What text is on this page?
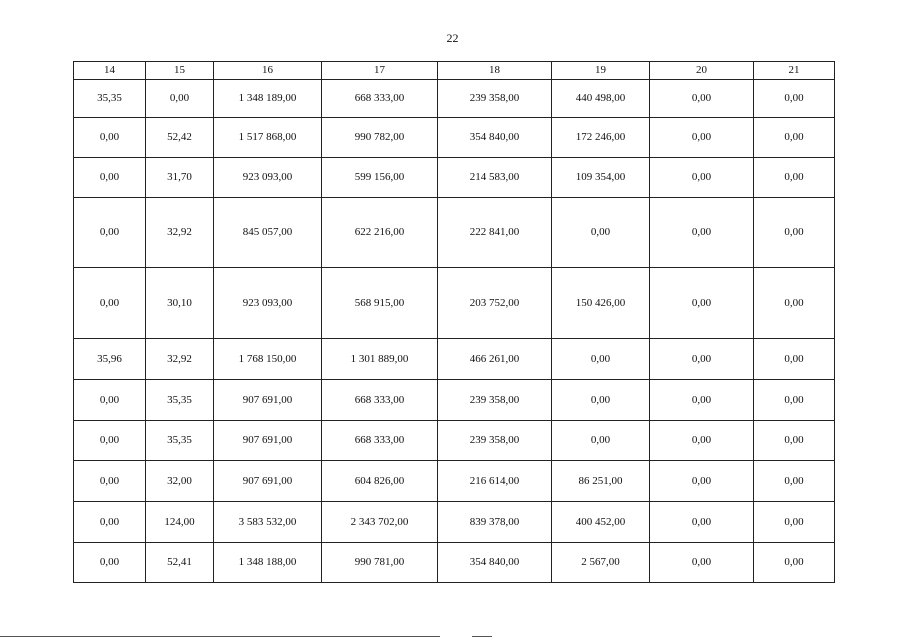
22
14	15	16	17	18	19	20	21
35,35	0,00	1 348 189,00	668 333,00	239 358,00	440 498,00	0,00	0,00
0,00	52,42	1 517 868,00	990 782,00	354 840,00	172 246,00	0,00	0,00
0,00	31,70	923 093,00	599 156,00	214 583,00	109 354,00	0,00	0,00
0,00	32,92	845 057,00	622 216,00	222 841,00	0,00	0,00	0,00
0,00	30,10	923 093,00	568 915,00	203 752,00	150 426,00	0,00	0,00
35,96	32,92	1 768 150,00	1 301 889,00	466 261,00	0,00	0,00	0,00
0,00	35,35	907 691,00	668 333,00	239 358,00	0,00	0,00	0,00
0,00	35,35	907 691,00	668 333,00	239 358,00	0,00	0,00	0,00
0,00	32,00	907 691,00	604 826,00	216 614,00	86 251,00	0,00	0,00
0,00	124,00	3 583 532,00	2 343 702,00	839 378,00	400 452,00	0,00	0,00
0,00	52,41	1 348 188,00	990 781,00	354 840,00	2 567,00	0,00	0,00
